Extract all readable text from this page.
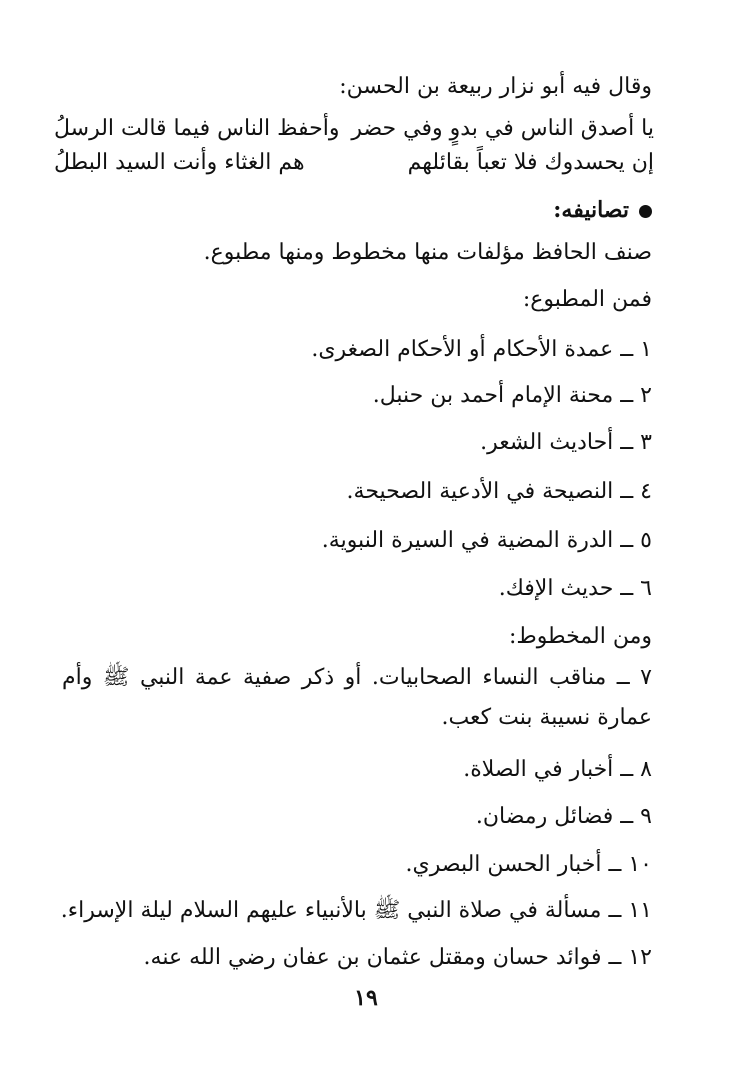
وقال فيه أبو نزار ربيعة بن الحسن:
يا أصدق الناس في بدوٍ وفي حضر
وأحفظ الناس فيما قالت الرسلُ
إن يحسدوك فلا تعباً بقائلهم
هم الغثاء وأنت السيد البطلُ
تصانيفه:
صنف الحافظ مؤلفات منها مخطوط ومنها مطبوع.
فمن المطبوع:
١ ــ عمدة الأحكام أو الأحكام الصغرى.
٢ ــ محنة الإمام أحمد بن حنبل.
٣ ــ أحاديث الشعر.
٤ ــ النصيحة في الأدعية الصحيحة.
٥ ــ الدرة المضية في السيرة النبوية.
٦ ــ حديث الإفك.
ومن المخطوط:
٧ ــ مناقب النساء الصحابيات. أو ذكر صفية عمة النبي ﷺ وأم عمارة نسيبة بنت كعب.
٨ ــ أخبار في الصلاة.
٩ ــ فضائل رمضان.
١٠ ــ أخبار الحسن البصري.
١١ ــ مسألة في صلاة النبي ﷺ بالأنبياء عليهم السلام ليلة الإسراء.
١٢ ــ فوائد حسان ومقتل عثمان بن عفان رضي الله عنه.
١٩
